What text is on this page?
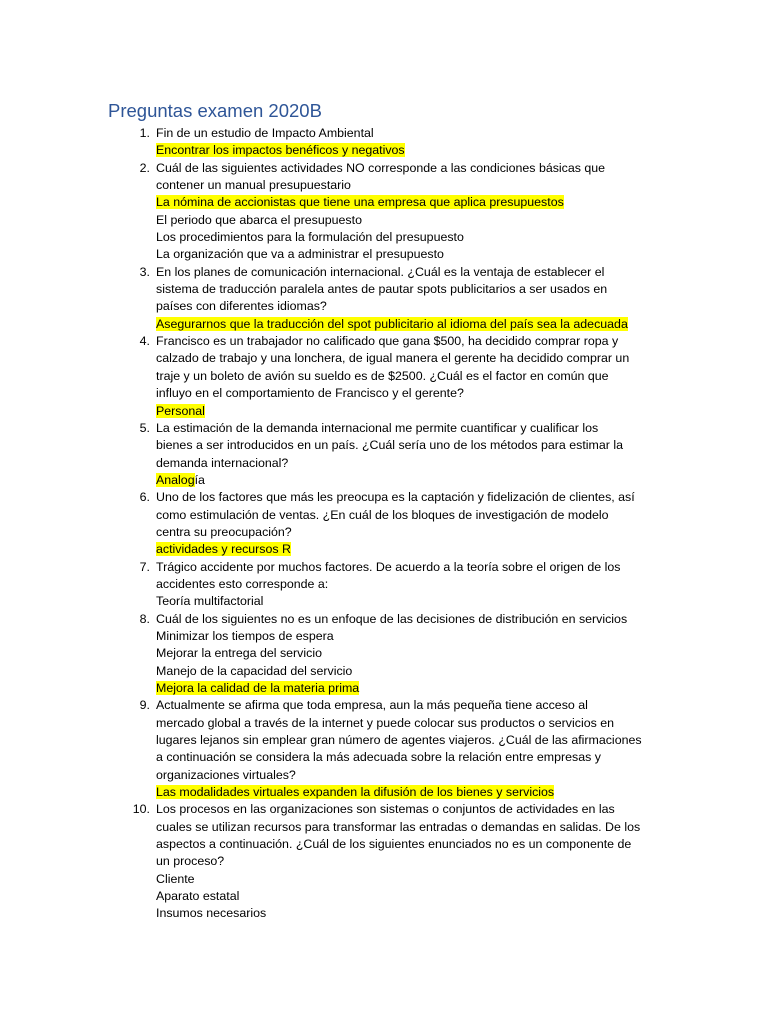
Preguntas examen 2020B
1. Fin de un estudio de Impacto Ambiental
Encontrar los impactos benéficos y negativos
2. Cuál de las siguientes actividades NO corresponde a las condiciones básicas que
contener un manual presupuestario
La nómina de accionistas que tiene una empresa que aplica presupuestos
El periodo que abarca el presupuesto
Los procedimientos para la formulación del presupuesto
La organización que va a administrar el presupuesto
3. En los planes de comunicación internacional. ¿Cuál es la ventaja de establecer el
sistema de traducción paralela antes de pautar spots publicitarios a ser usados en
países con diferentes idiomas?
Asegurarnos que la traducción del spot publicitario al idioma del país sea la adecuada
4. Francisco es un trabajador no calificado que gana $500, ha decidido comprar ropa y
calzado de trabajo y una lonchera, de igual manera el gerente ha decidido comprar un
traje y un boleto de avión su sueldo es de $2500. ¿Cuál es el factor en común que
influyo en el comportamiento de Francisco y el gerente?
Personal
5. La estimación de la demanda internacional me permite cuantificar y cualificar los
bienes a ser introducidos en un país. ¿Cuál sería uno de los métodos para estimar la
demanda internacional?
Analogía
6. Uno de los factores que más les preocupa es la captación y fidelización de clientes, así
como estimulación de ventas. ¿En cuál de los bloques de investigación de modelo
centra su preocupación?
actividades y recursos R
7. Trágico accidente por muchos factores. De acuerdo a la teoría sobre el origen de los
accidentes esto corresponde a:
Teoría multifactorial
8. Cuál de los siguientes no es un enfoque de las decisiones de distribución en servicios
Minimizar los tiempos de espera
Mejorar la entrega del servicio
Manejo de la capacidad del servicio
Mejora la calidad de la materia prima
9. Actualmente se afirma que toda empresa, aun la más pequeña tiene acceso al
mercado global a través de la internet y puede colocar sus productos o servicios en
lugares lejanos sin emplear gran número de agentes viajeros. ¿Cuál de las afirmaciones
a continuación se considera la más adecuada sobre la relación entre empresas y
organizaciones virtuales?
Las modalidades virtuales expanden la difusión de los bienes y servicios
10. Los procesos en las organizaciones son sistemas o conjuntos de actividades en las
cuales se utilizan recursos para transformar las entradas o demandas en salidas. De los
aspectos a continuación. ¿Cuál de los siguientes enunciados no es un componente de
un proceso?
Cliente
Aparato estatal
Insumos necesarios
